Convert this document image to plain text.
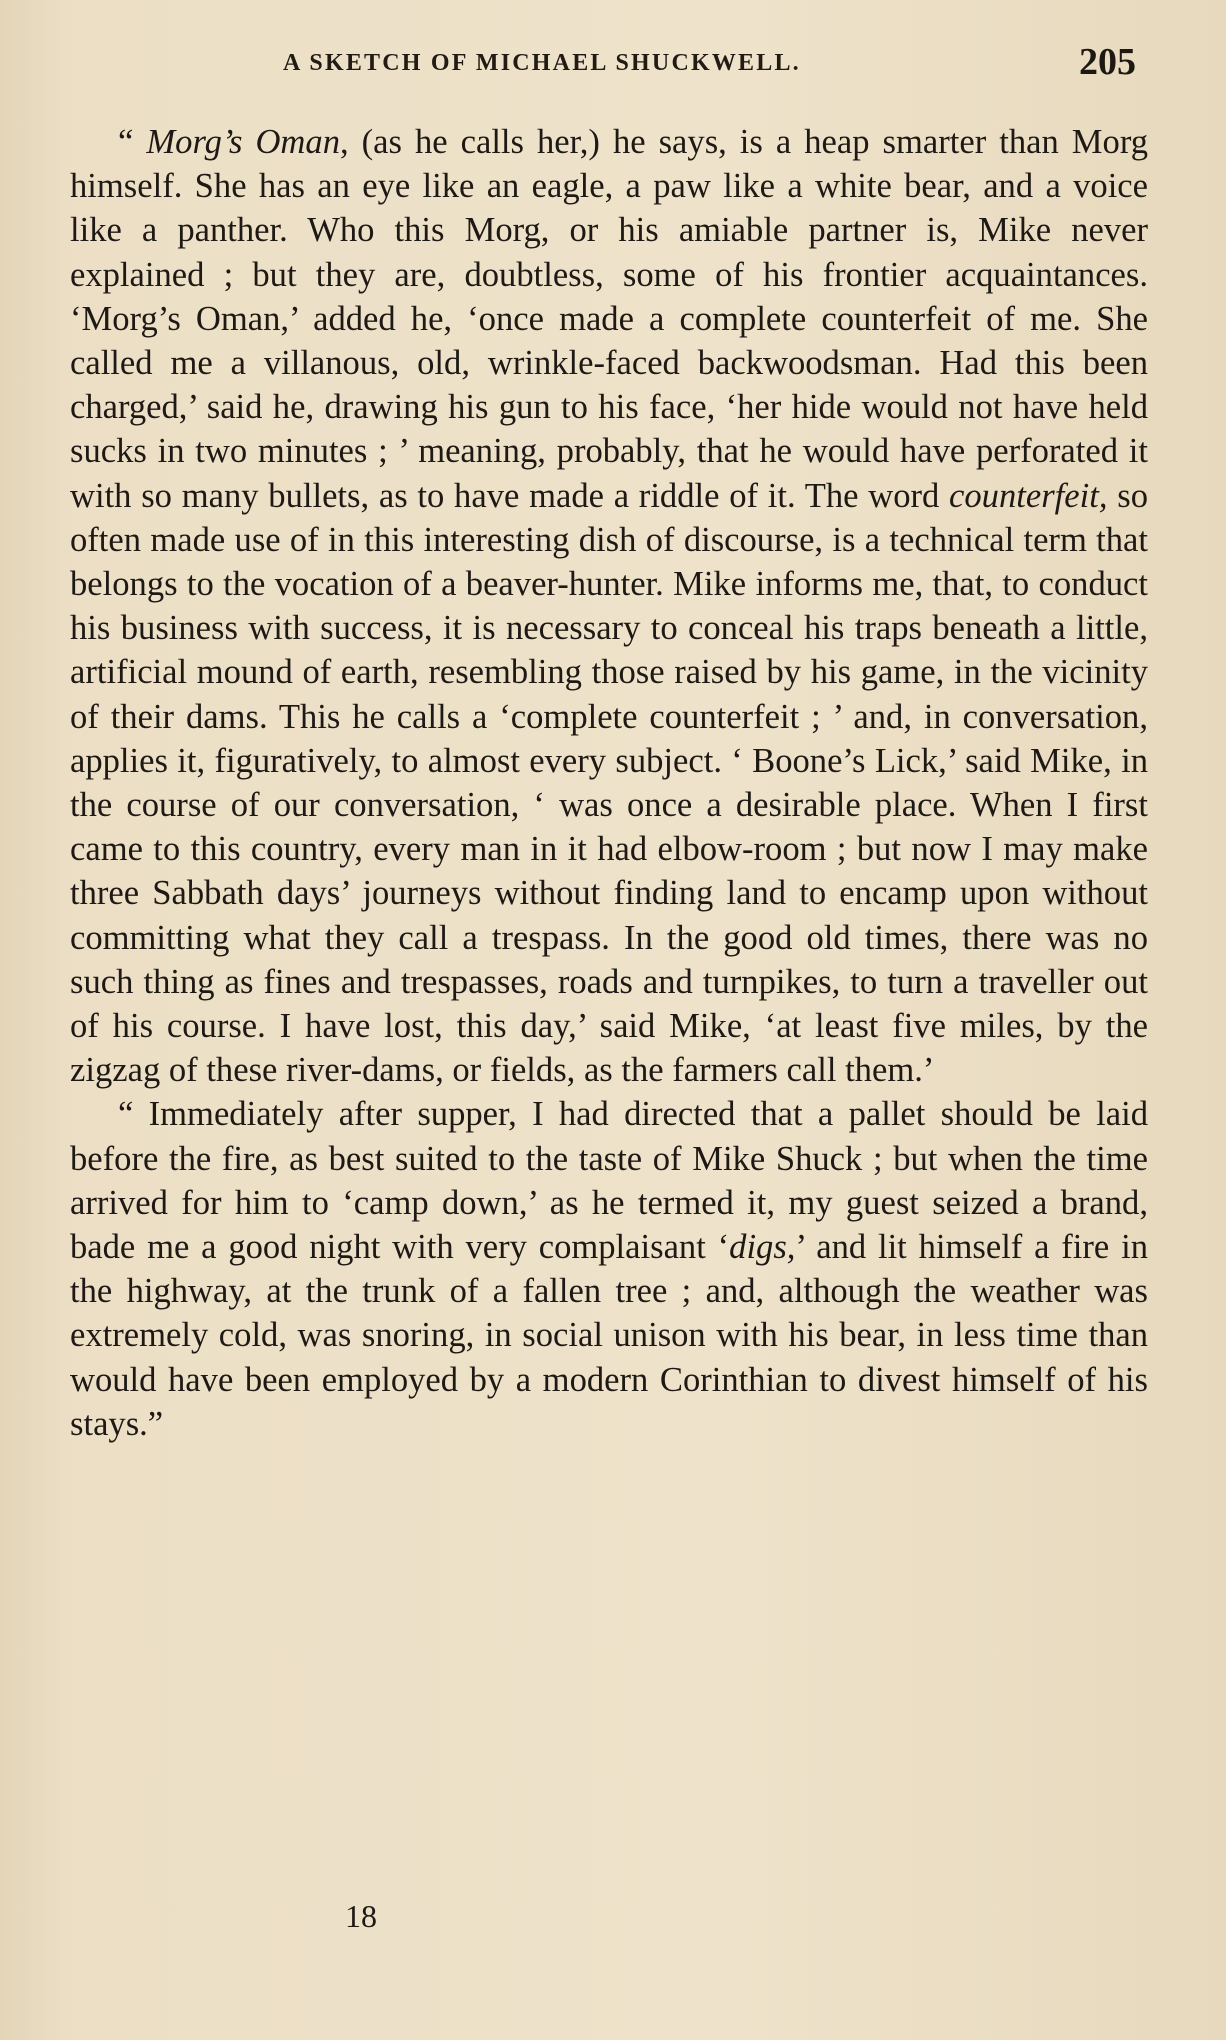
A SKETCH OF MICHAEL SHUCKWELL.	205

“ Morg’s Oman, (as he calls her,) he says, is a heap smarter than Morg himself. She has an eye like an eagle, a paw like a white bear, and a voice like a panther. Who this Morg, or his amiable partner is, Mike never explained ; but they are, doubtless, some of his frontier acquaintances. ‘Morg’s Oman,’ added he, ‘once made a complete counterfeit of me. She called me a villanous, old, wrinkle-faced backwoodsman. Had this been charged,’ said he, drawing his gun to his face, ‘her hide would not have held sucks in two minutes ; ’ meaning, probably, that he would have perforated it with so many bullets, as to have made a riddle of it. The word counterfeit, so often made use of in this interesting dish of discourse, is a technical term that belongs to the vocation of a beaver-hunter. Mike informs me, that, to conduct his business with success, it is necessary to conceal his traps beneath a little, artificial mound of earth, resembling those raised by his game, in the vicinity of their dams. This he calls a ‘complete counterfeit ; ’ and, in conversation, applies it, figuratively, to almost every subject. ‘ Boone’s Lick,’ said Mike, in the course of our conversation, ‘ was once a desirable place. When I first came to this country, every man in it had elbow-room ; but now I may make three Sabbath days’ journeys without finding land to encamp upon without committing what they call a trespass. In the good old times, there was no such thing as fines and trespasses, roads and turnpikes, to turn a traveller out of his course. I have lost, this day,’ said Mike, ‘at least five miles, by the zigzag of these river-dams, or fields, as the farmers call them.’

“ Immediately after supper, I had directed that a pallet should be laid before the fire, as best suited to the taste of Mike Shuck ; but when the time arrived for him to ‘camp down,’ as he termed it, my guest seized a brand, bade me a good night with very complaisant ‘digs,’ and lit himself a fire in the highway, at the trunk of a fallen tree ; and, although the weather was extremely cold, was snoring, in social unison with his bear, in less time than would have been employed by a modern Corinthian to divest himself of his stays.”

18
